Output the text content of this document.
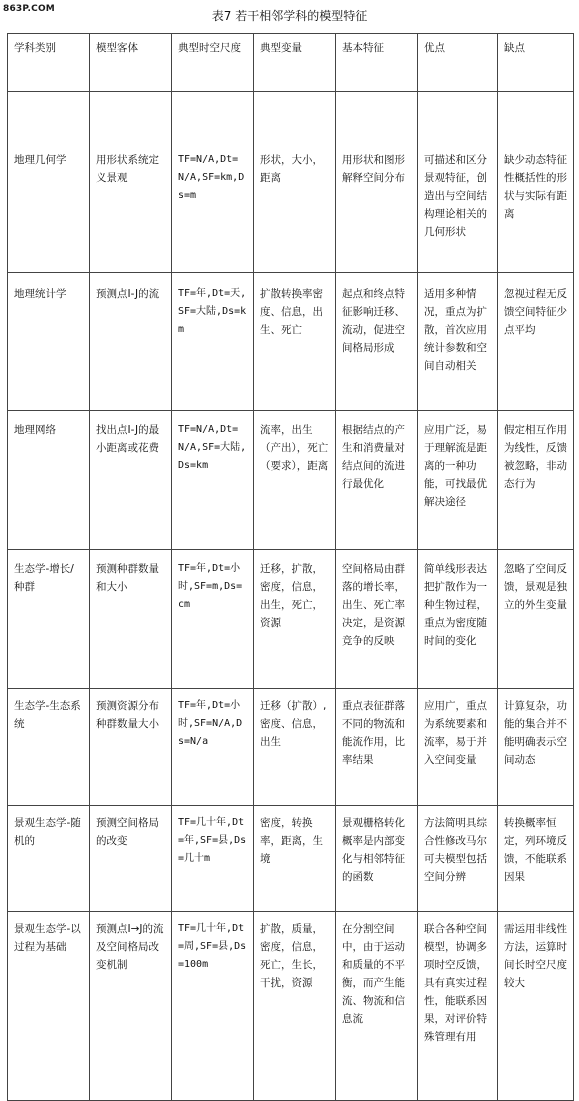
863P.COM	表7 若干相邻学科的模型特征
学科类别	模型客体	典型时空尺度	典型变量	基本特征	优点	缺点
地理几何学	用形状系统定义景观	TF=N/A,Dt=N/A,SF=km,Ds=m	形状，大小，距离	用形状和图形解释空间分布	可描述和区分景观特征，创造出与空间结构理论相关的几何形状	缺少动态特征性概括性的形状与实际有距离
地理统计学	预测点I-J的流	TF=年,Dt=天,SF=大陆,Ds=km	扩散转换率密度、信息，出生、死亡	起点和终点特征影响迁移、流动，促进空间格局形成	适用多种情况，重点为扩散，首次应用统计参数和空间自动相关	忽视过程无反馈空间特征少点平均
地理网络	找出点I-J的最小距离或花费	TF=N/A,Dt=N/A,SF=大陆,Ds=km	流率，出生（产出），死亡（要求），距离	根据结点的产生和消费量对结点间的流进行最优化	应用广泛，易于理解流是距离的一种功能，可找最优解决途径	假定相互作用为线性，反馈被忽略，非动态行为
生态学-增长/种群	预测种群数量和大小	TF=年,Dt=小时,SF=m,Ds=cm	迁移，扩散，密度，信息，出生，死亡，资源	空间格局由群落的增长率，出生、死亡率决定，是资源竞争的反映	简单线形表达把扩散作为一种生物过程，重点为密度随时间的变化	忽略了空间反馈，景观是独立的外生变量
生态学-生态系统	预测资源分布种群数量大小	TF=年,Dt=小时,SF=N/A,Ds=N/a	迁移（扩散）,密度、信息，出生	重点表征群落不同的物流和能流作用，比率结果	应用广，重点为系统要素和流率，易于并入空间变量	计算复杂，功能的集合并不能明确表示空间动态
景观生态学-随机的	预测空间格局的改变	TF=几十年,Dt=年,SF=县,Ds=几十m	密度，转换率，距离，生境	景观栅格转化概率是内部变化与相邻特征的函数	方法简明具综合性修改马尔可夫模型包括空间分辨	转换概率恒定，列环境反馈，不能联系因果
景观生态学-以过程为基础	预测点I→J的流及空间格局改变机制	TF=几十年,Dt=周,SF=县,Ds=100m	扩散，质量，密度，信息，死亡，生长，干扰，资源	在分割空间中，由于运动和质量的不平衡，而产生能流、物流和信息流	联合各种空间模型，协调多项时空反馈，具有真实过程性，能联系因果，对评价特殊管理有用	需运用非线性方法，运算时间长时空尺度较大
